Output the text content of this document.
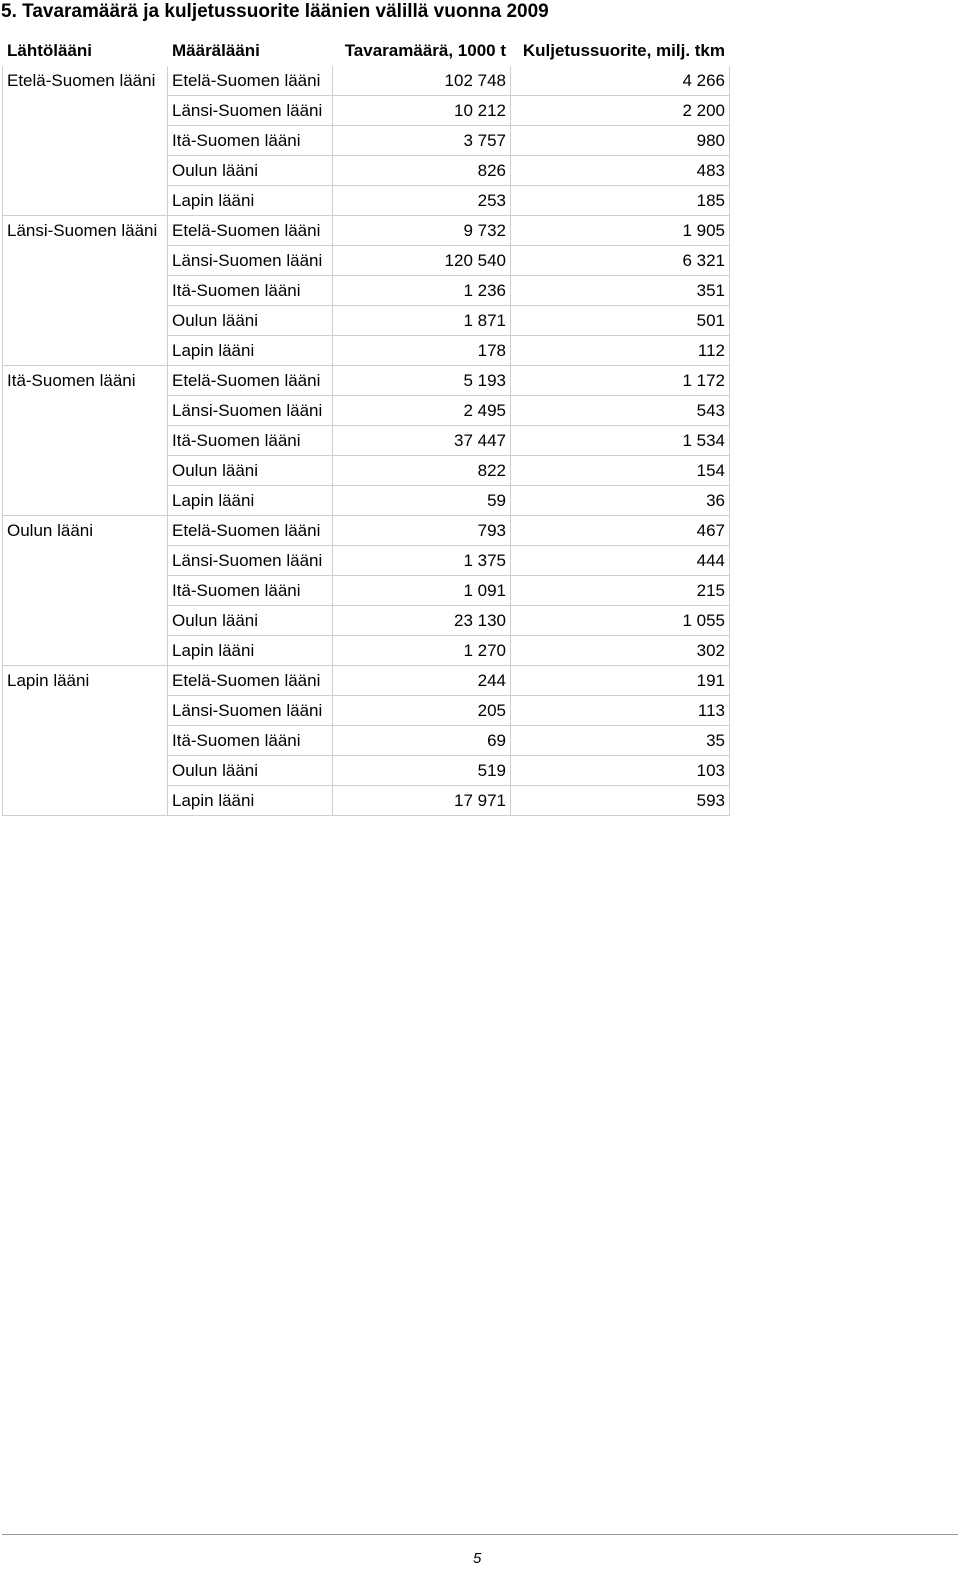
5. Tavaramäärä ja kuljetussuorite läänien välillä vuonna 2009
Lähtölääni	Määrälääni	Tavaramäärä, 1000 t	Kuljetussuorite, milj. tkm
Etelä-Suomen lääni	Etelä-Suomen lääni	102 748	4 266
	Länsi-Suomen lääni	10 212	2 200
	Itä-Suomen lääni	3 757	980
	Oulun lääni	826	483
	Lapin lääni	253	185
Länsi-Suomen lääni	Etelä-Suomen lääni	9 732	1 905
	Länsi-Suomen lääni	120 540	6 321
	Itä-Suomen lääni	1 236	351
	Oulun lääni	1 871	501
	Lapin lääni	178	112
Itä-Suomen lääni	Etelä-Suomen lääni	5 193	1 172
	Länsi-Suomen lääni	2 495	543
	Itä-Suomen lääni	37 447	1 534
	Oulun lääni	822	154
	Lapin lääni	59	36
Oulun lääni	Etelä-Suomen lääni	793	467
	Länsi-Suomen lääni	1 375	444
	Itä-Suomen lääni	1 091	215
	Oulun lääni	23 130	1 055
	Lapin lääni	1 270	302
Lapin lääni	Etelä-Suomen lääni	244	191
	Länsi-Suomen lääni	205	113
	Itä-Suomen lääni	69	35
	Oulun lääni	519	103
	Lapin lääni	17 971	593
5
